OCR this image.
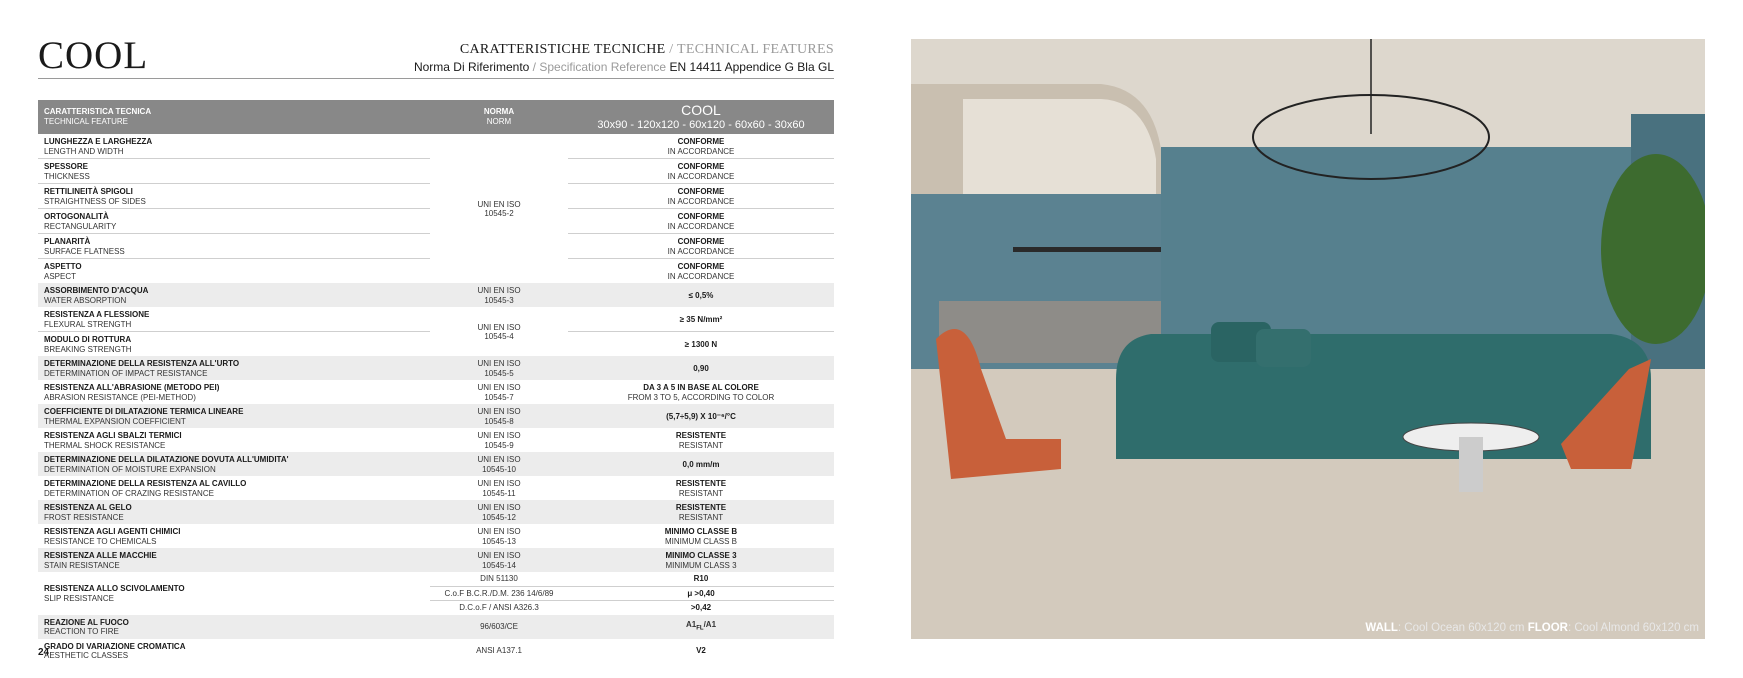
COOL	CARATTERISTICHE TECNICHE / TECHNICAL FEATURES
Norma Di Riferimento / Specification Reference EN 14411 Appendice G Bla GL
CARATTERISTICA TECNICA
TECHNICAL FEATURE	NORMA
NORM	COOL
30x90 - 120x120 - 60x120 - 60x60 - 30x60

LUNGHEZZA E LARGHEZZA
LENGTH AND WIDTH	UNI EN ISO 10545-2	CONFORME
IN ACCORDANCE

SPESSORE
THICKNESS		CONFORME
IN ACCORDANCE

RETTILINEITÀ SPIGOLI
STRAIGHTNESS OF SIDES		CONFORME
IN ACCORDANCE

ORTOGONALITÀ
RECTANGULARITY		CONFORME
IN ACCORDANCE

PLANARITÀ
SURFACE FLATNESS		CONFORME
IN ACCORDANCE

ASPETTO
ASPECT		CONFORME
IN ACCORDANCE

ASSORBIMENTO D'ACQUA
WATER ABSORPTION	UNI EN ISO
10545-3	≤ 0,5%

RESISTENZA A FLESSIONE
FLEXURAL STRENGTH	UNI EN ISO
10545-4	≥ 35 N/mm²

MODULO DI ROTTURA
BREAKING STRENGTH		≥ 1300 N

DETERMINAZIONE DELLA RESISTENZA ALL'URTO
DETERMINATION OF IMPACT RESISTANCE	UNI EN ISO
10545-5	0,90

RESISTENZA ALL'ABRASIONE (METODO PEI)
ABRASION RESISTANCE (PEI-METHOD)	UNI EN ISO
10545-7	DA 3 A 5 IN BASE AL COLORE
FROM 3 TO 5, ACCORDING TO COLOR

COEFFICIENTE DI DILATAZIONE TERMICA LINEARE
THERMAL EXPANSION COEFFICIENT	UNI EN ISO
10545-8	(5,7÷5,9) X 10⁻⁶/°C

RESISTENZA AGLI SBALZI TERMICI
THERMAL SHOCK RESISTANCE	UNI EN ISO
10545-9	RESISTENTE
RESISTANT

DETERMINAZIONE DELLA DILATAZIONE DOVUTA ALL'UMIDITA'
DETERMINATION OF MOISTURE EXPANSION	UNI EN ISO
10545-10	0,0 mm/m

DETERMINAZIONE DELLA RESISTENZA AL CAVILLO
DETERMINATION OF CRAZING RESISTANCE	UNI EN ISO
10545-11	RESISTENTE
RESISTANT

RESISTENZA AL GELO
FROST RESISTANCE	UNI EN ISO
10545-12	RESISTENTE
RESISTANT

RESISTENZA AGLI AGENTI CHIMICI
RESISTANCE TO CHEMICALS	UNI EN ISO
10545-13	MINIMO CLASSE B
MINIMUM CLASS B

RESISTENZA ALLE MACCHIE
STAIN RESISTANCE	UNI EN ISO
10545-14	MINIMO CLASSE 3
MINIMUM CLASS 3

RESISTENZA ALLO SCIVOLAMENTO
SLIP RESISTANCE	DIN 51130	R10
	C.o.F B.C.R./D.M. 236 14/6/89	μ >0,40
	D.C.o.F / ANSI A326.3	>0,42

REAZIONE AL FUOCO
REACTION TO FIRE	96/603/CE	$A1_{FL}/A1$

GRADO DI VARIAZIONE CROMATICA
AESTHETIC CLASSES	ANSI A137.1	V2
24
WALL: Cool Ocean 60x120 cm FLOOR: Cool Almond 60x120 cm
